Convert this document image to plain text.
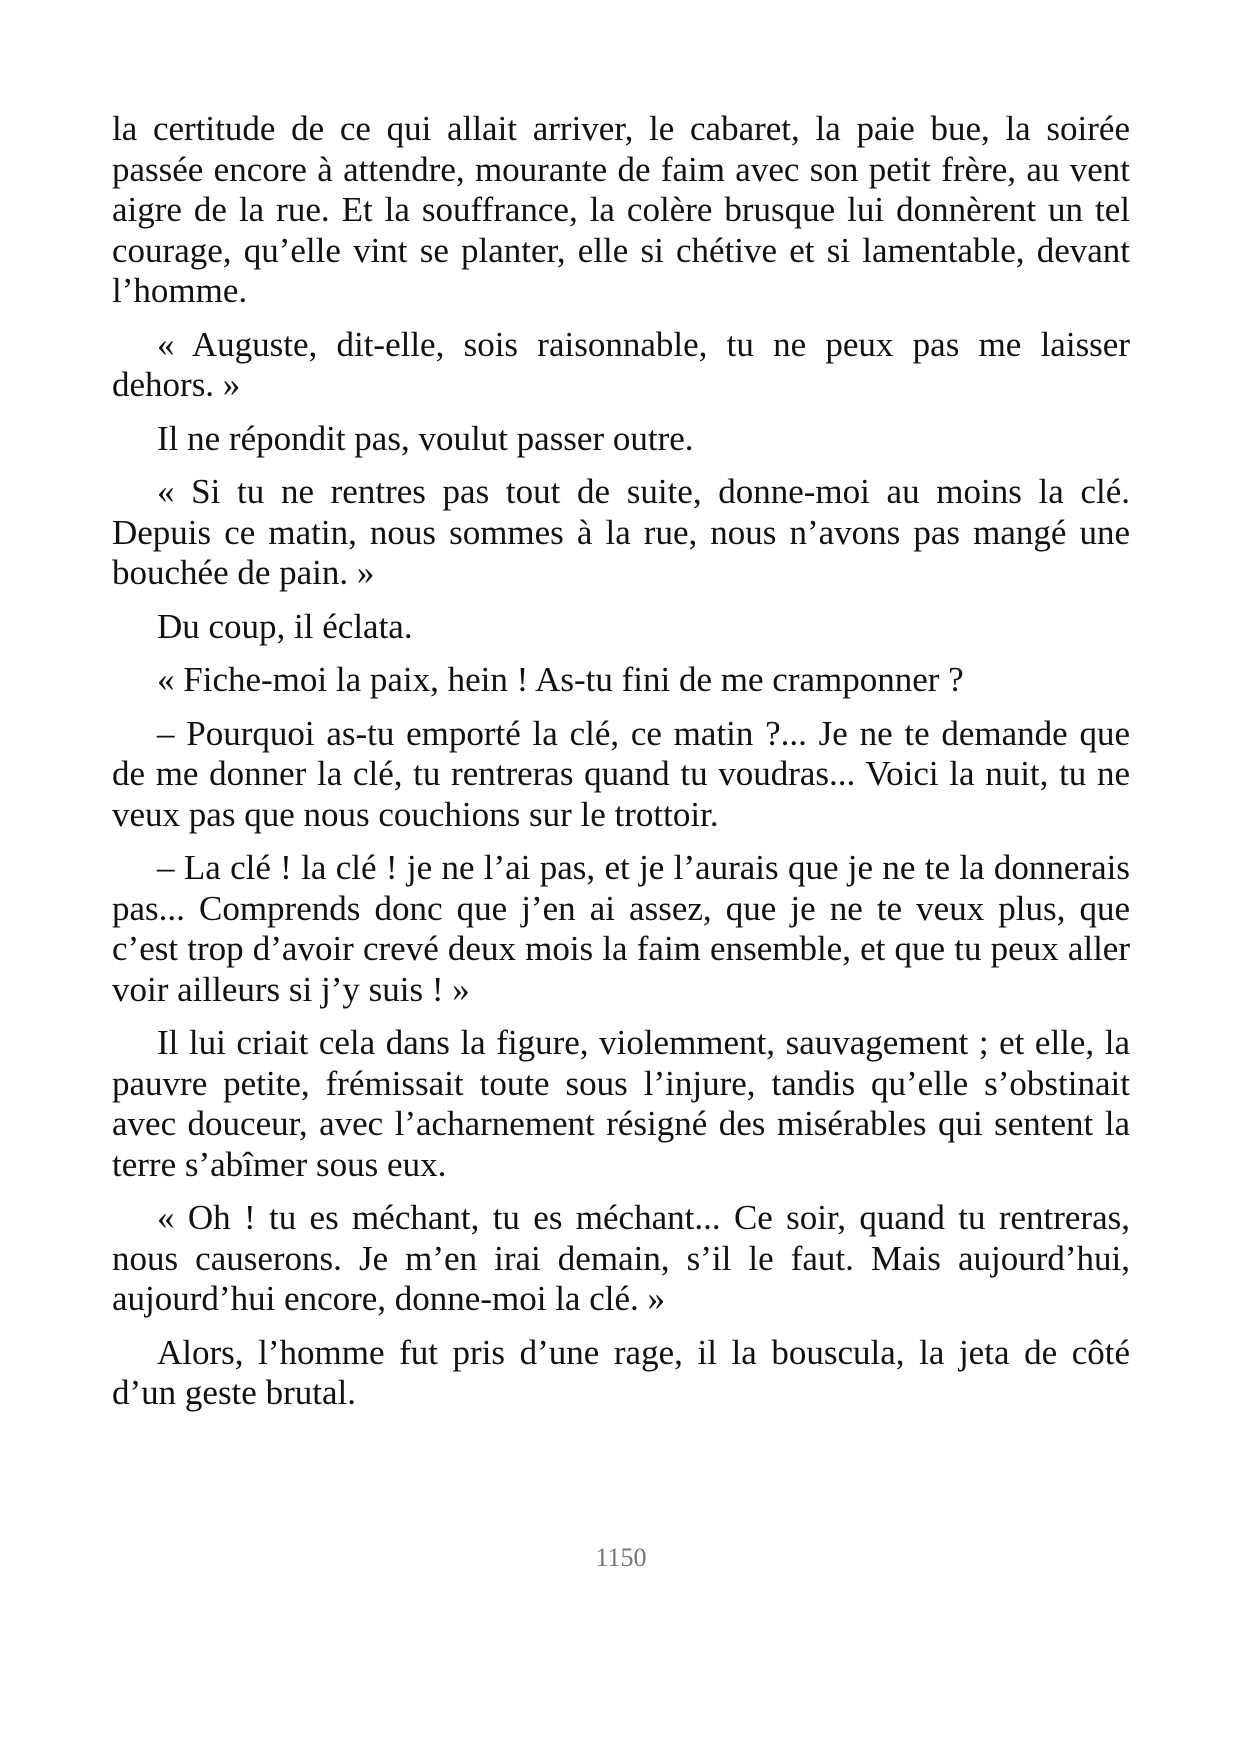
la certitude de ce qui allait arriver, le cabaret, la paie bue, la soirée passée encore à attendre, mourante de faim avec son petit frère, au vent aigre de la rue. Et la souffrance, la colère brusque lui donnèrent un tel courage, qu’elle vint se planter, elle si chétive et si lamentable, devant l’homme.

« Auguste, dit-elle, sois raisonnable, tu ne peux pas me laisser dehors. »

Il ne répondit pas, voulut passer outre.

« Si tu ne rentres pas tout de suite, donne-moi au moins la clé. Depuis ce matin, nous sommes à la rue, nous n’avons pas mangé une bouchée de pain. »

Du coup, il éclata.

« Fiche-moi la paix, hein ! As-tu fini de me cramponner ?

– Pourquoi as-tu emporté la clé, ce matin ?... Je ne te demande que de me donner la clé, tu rentreras quand tu voudras... Voici la nuit, tu ne veux pas que nous couchions sur le trottoir.

– La clé ! la clé ! je ne l’ai pas, et je l’aurais que je ne te la donnerais pas... Comprends donc que j’en ai assez, que je ne te veux plus, que c’est trop d’avoir crevé deux mois la faim ensemble, et que tu peux aller voir ailleurs si j’y suis ! »

Il lui criait cela dans la figure, violemment, sauvagement ; et elle, la pauvre petite, frémissait toute sous l’injure, tandis qu’elle s’obstinait avec douceur, avec l’acharnement résigné des misérables qui sentent la terre s’abîmer sous eux.

« Oh ! tu es méchant, tu es méchant... Ce soir, quand tu rentreras, nous causerons. Je m’en irai demain, s’il le faut. Mais aujourd’hui, aujourd’hui encore, donne-moi la clé. »

Alors, l’homme fut pris d’une rage, il la bouscula, la jeta de côté d’un geste brutal.

1150
